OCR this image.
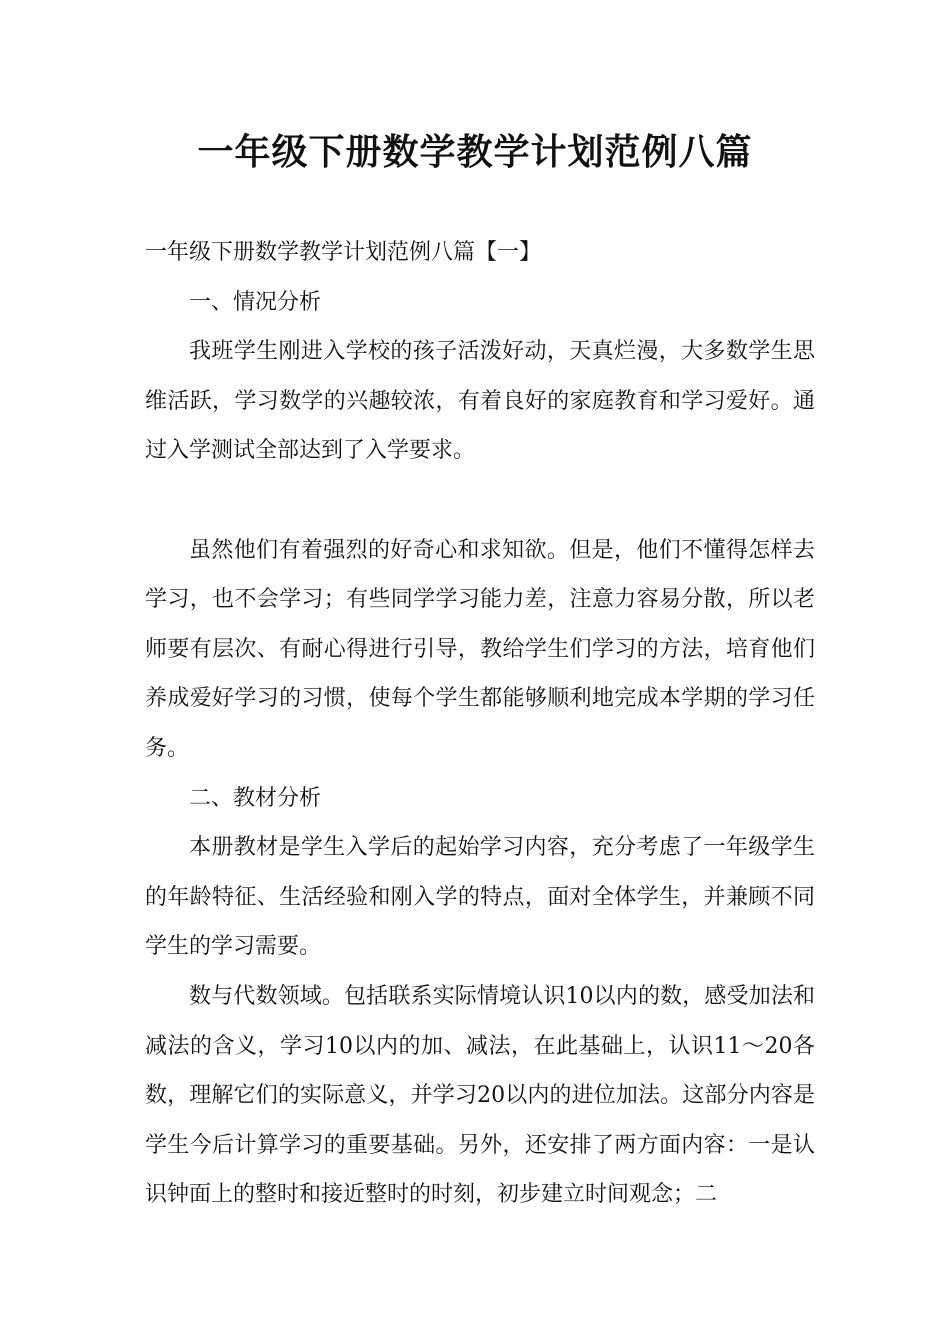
一年级下册数学教学计划范例八篇

一年级下册数学教学计划范例八篇【一】

一、情况分析

我班学生刚进入学校的孩子活泼好动，天真烂漫，大多数学生思维活跃，学习数学的兴趣较浓，有着良好的家庭教育和学习爱好。通过入学测试全部达到了入学要求。

虽然他们有着强烈的好奇心和求知欲。但是，他们不懂得怎样去学习，也不会学习；有些同学学习能力差，注意力容易分散，所以老师要有层次、有耐心得进行引导，教给学生们学习的方法，培育他们养成爱好学习的习惯，使每个学生都能够顺利地完成本学期的学习任务。

二、教材分析

本册教材是学生入学后的起始学习内容，充分考虑了一年级学生的年龄特征、生活经验和刚入学的特点，面对全体学生，并兼顾不同学生的学习需要。

数与代数领域。包括联系实际情境认识10以内的数，感受加法和减法的含义，学习10以内的加、减法，在此基础上，认识11～20各数，理解它们的实际意义，并学习20以内的进位加法。这部分内容是学生今后计算学习的重要基础。另外，还安排了两方面内容：一是认识钟面上的整时和接近整时的时刻，初步建立时间观念；二
